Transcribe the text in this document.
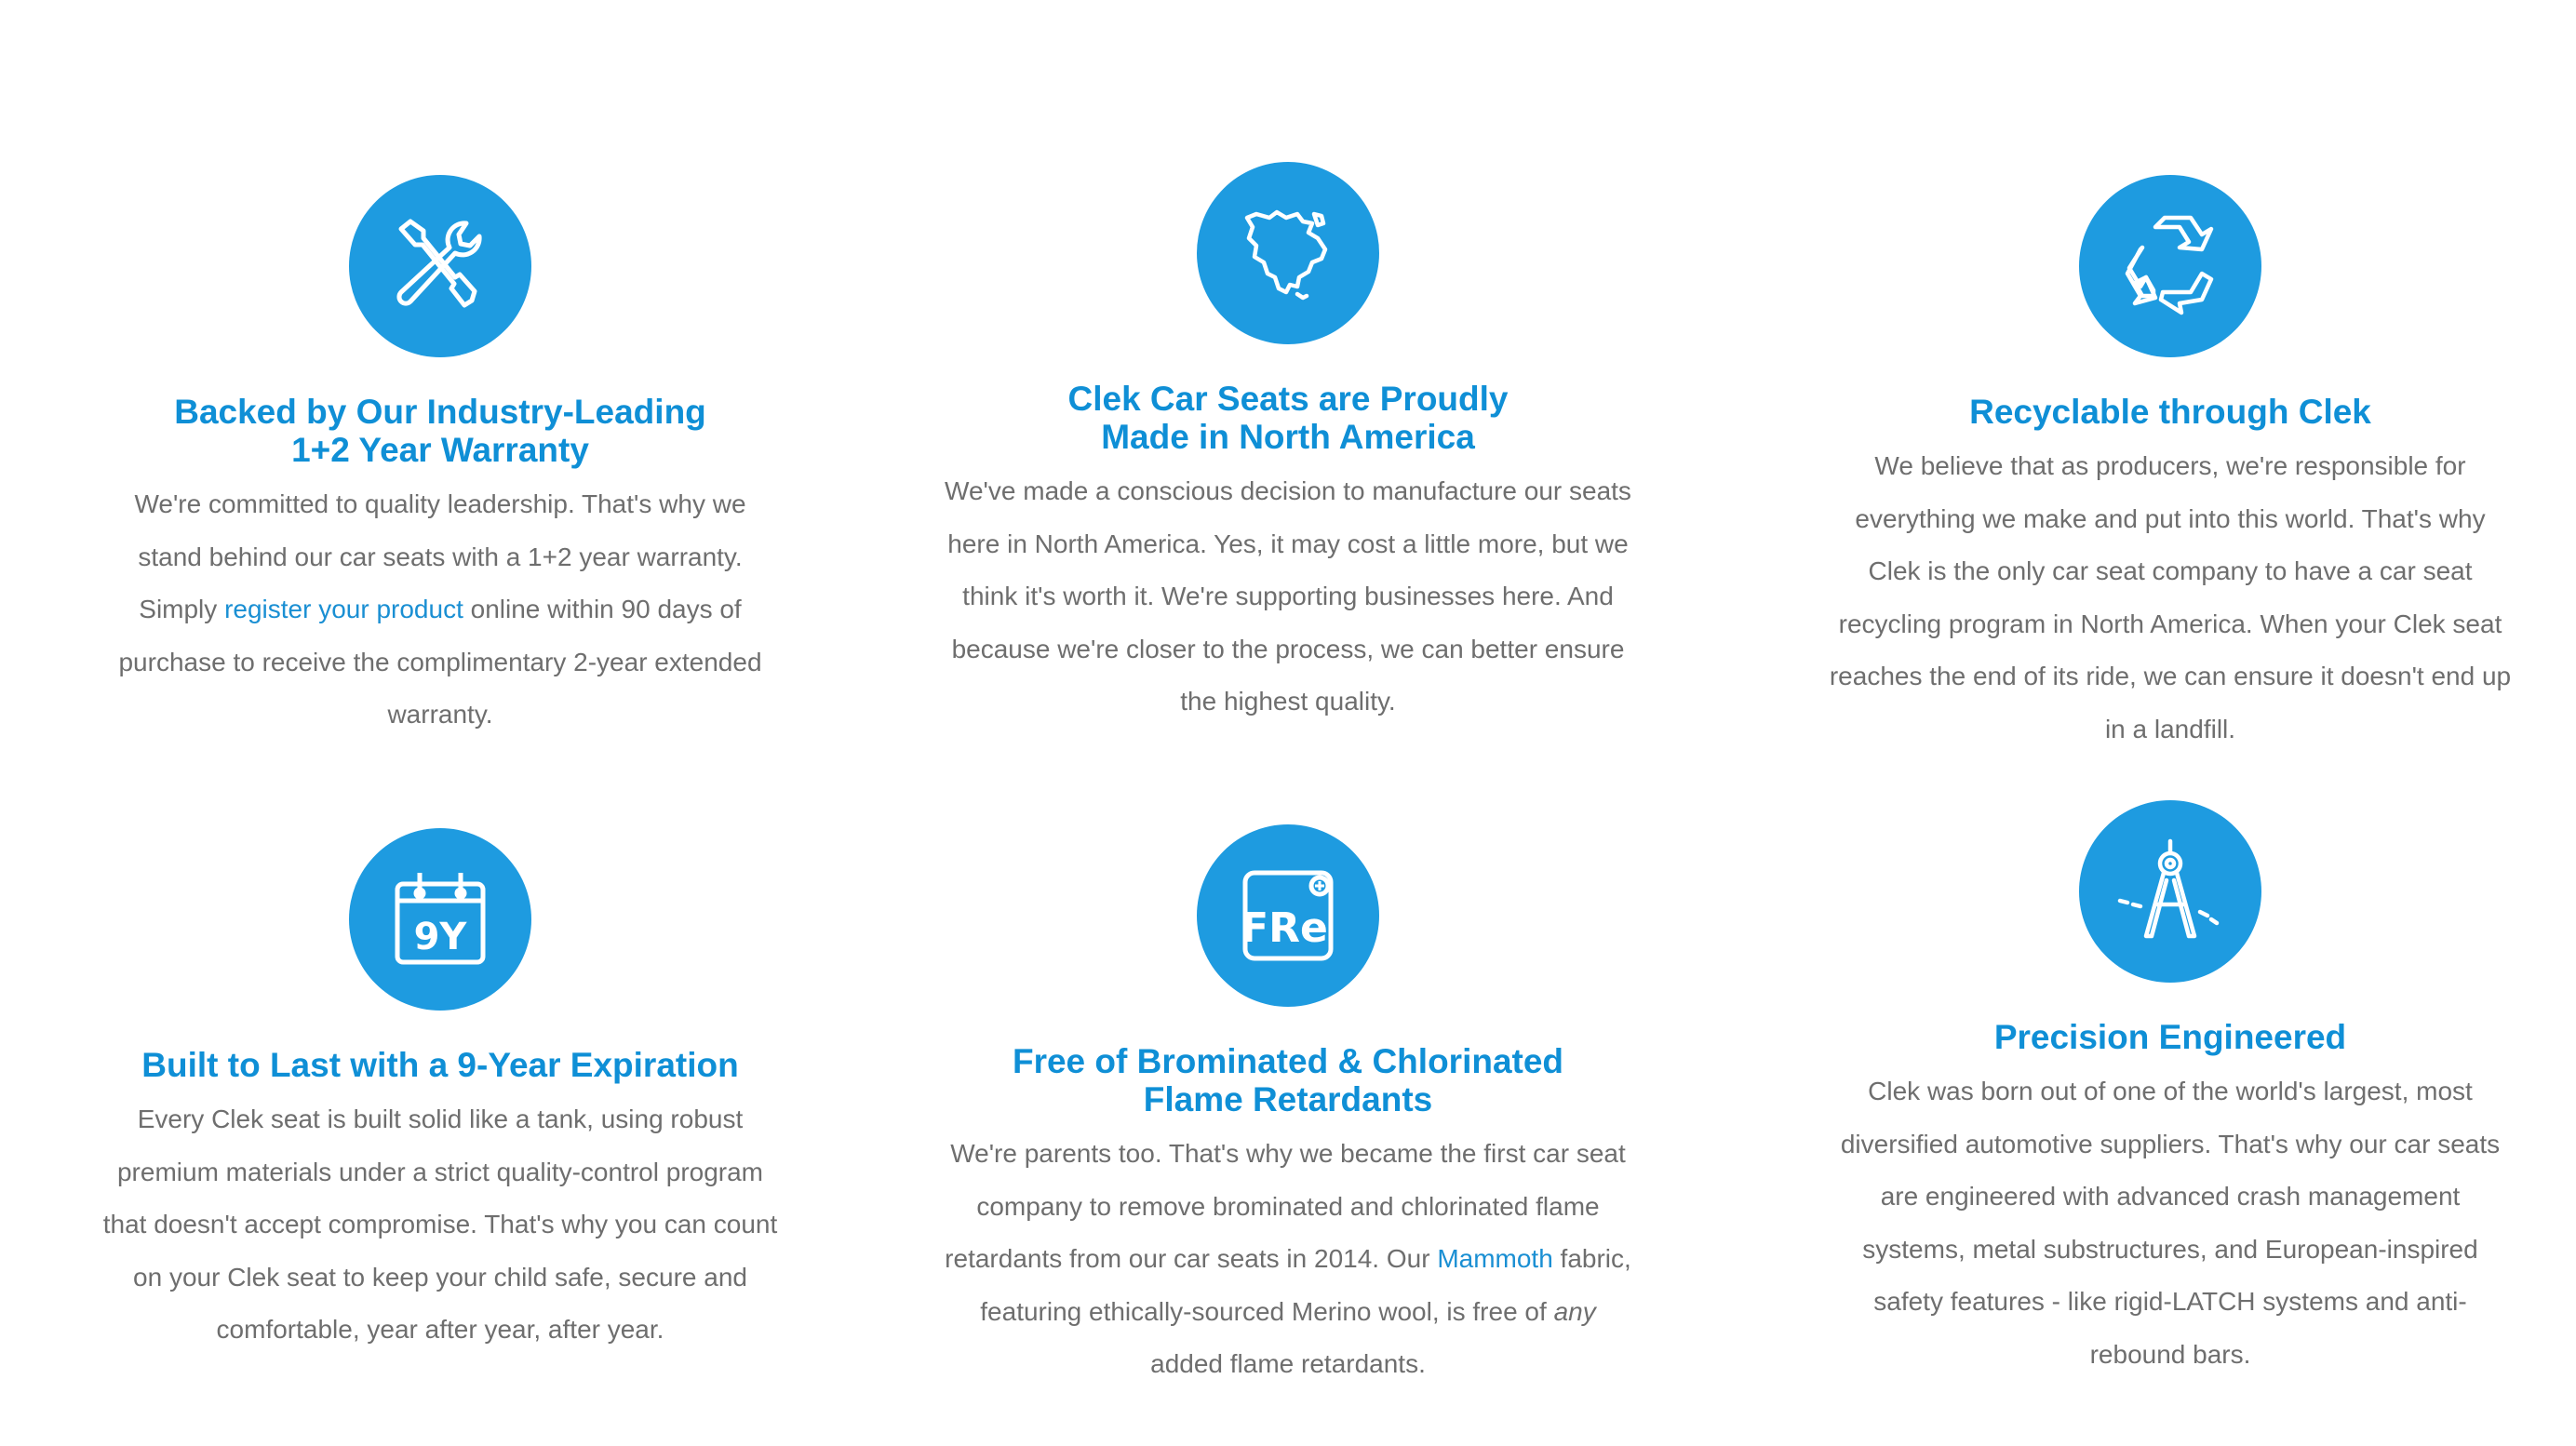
Backed by Our Industry-Leading
1+2 Year Warranty

We're committed to quality leadership. That's why we stand behind our car seats with a 1+2 year warranty.
Simply register your product online within 90 days of purchase to receive the complimentary 2-year extended warranty.

Clek Car Seats are Proudly
Made in North America

We've made a conscious decision to manufacture our seats here in North America. Yes, it may cost a little more, but we think it's worth it. We're supporting businesses here. And because we're closer to the process, we can better ensure the highest quality.

Recyclable through Clek

We believe that as producers, we're responsible for everything we make and put into this world. That's why Clek is the only car seat company to have a car seat recycling program in North America. When your Clek seat reaches the end of its ride, we can ensure it doesn't end up in a landfill.

9Y
Built to Last with a 9-Year Expiration

Every Clek seat is built solid like a tank, using robust premium materials under a strict quality-control program that doesn't accept compromise. That's why you can count on your Clek seat to keep your child safe, secure and comfortable, year after year, after year.

FRe
Free of Brominated & Chlorinated
Flame Retardants

We're parents too. That's why we became the first car seat company to remove brominated and chlorinated flame retardants from our car seats in 2014. Our Mammoth fabric, featuring ethically-sourced Merino wool, is free of any added flame retardants.

Precision Engineered

Clek was born out of one of the world's largest, most diversified automotive suppliers. That's why our car seats are engineered with advanced crash management systems, metal substructures, and European-inspired safety features - like rigid-LATCH systems and anti-rebound bars.
